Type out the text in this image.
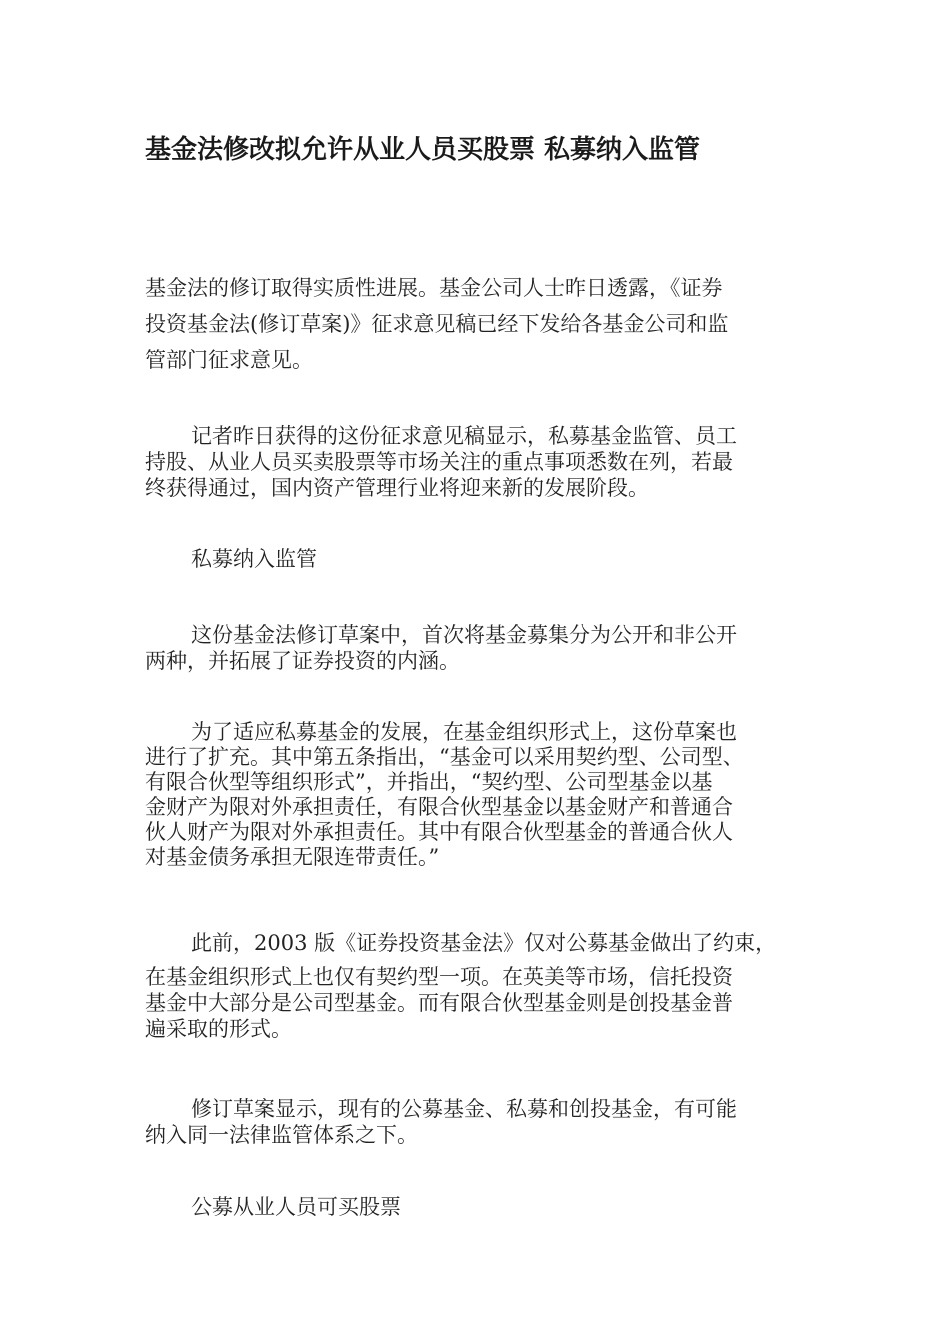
基金法修改拟允许从业人员买股票 私募纳入监管
基金法的修订取得实质性进展。基金公司人士昨日透露，《证券
投资基金法(修订草案)》征求意见稿已经下发给各基金公司和监
管部门征求意见。
记者昨日获得的这份征求意见稿显示，私募基金监管、员工
持股、从业人员买卖股票等市场关注的重点事项悉数在列，若最
终获得通过，国内资产管理行业将迎来新的发展阶段。
私募纳入监管
这份基金法修订草案中，首次将基金募集分为公开和非公开
两种，并拓展了证券投资的内涵。
为了适应私募基金的发展，在基金组织形式上，这份草案也
进行了扩充。其中第五条指出，“基金可以采用契约型、公司型、
有限合伙型等组织形式”，并指出，“契约型、公司型基金以基
金财产为限对外承担责任，有限合伙型基金以基金财产和普通合
伙人财产为限对外承担责任。其中有限合伙型基金的普通合伙人
对基金债务承担无限连带责任。”
此前，2003 版《证券投资基金法》仅对公募基金做出了约束，
在基金组织形式上也仅有契约型一项。在英美等市场，信托投资
基金中大部分是公司型基金。而有限合伙型基金则是创投基金普
遍采取的形式。
修订草案显示，现有的公募基金、私募和创投基金，有可能
纳入同一法律监管体系之下。
公募从业人员可买股票
